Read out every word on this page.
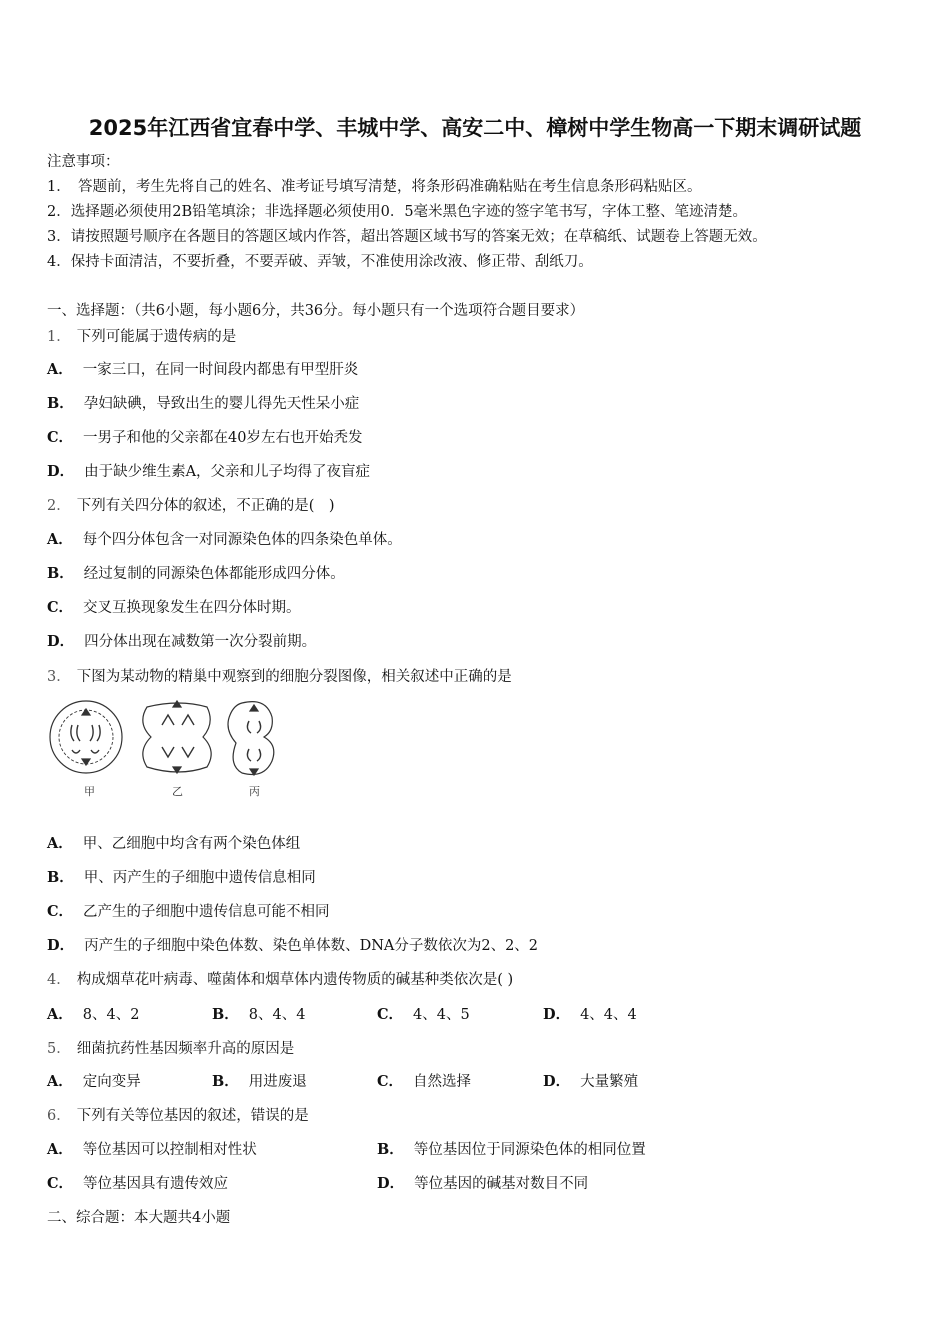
2025年江西省宜春中学、丰城中学、高安二中、樟树中学生物高一下期末调研试题
注意事项：
1．　答题前，考生先将自己的姓名、准考证号填写清楚，将条形码准确粘贴在考生信息条形码粘贴区。
2．选择题必须使用2B铅笔填涂；非选择题必须使用0．5毫米黑色字迹的签字笔书写，字体工整、笔迹清楚。
3．请按照题号顺序在各题目的答题区域内作答，超出答题区域书写的答案无效；在草稿纸、试题卷上答题无效。
4．保持卡面清洁，不要折叠，不要弄破、弄皱，不准使用涂改液、修正带、刮纸刀。
一、选择题：（共6小题，每小题6分，共36分。每小题只有一个选项符合题目要求）
1． 下列可能属于遗传病的是
A． 一家三口，在同一时间段内都患有甲型肝炎
B． 孕妇缺碘，导致出生的婴儿得先天性呆小症
C． 一男子和他的父亲都在40岁左右也开始秃发
D． 由于缺少维生素A，父亲和儿子均得了夜盲症
2． 下列有关四分体的叙述，不正确的是(　)
A． 每个四分体包含一对同源染色体的四条染色单体。
B． 经过复制的同源染色体都能形成四分体。
C． 交叉互换现象发生在四分体时期。
D． 四分体出现在减数第一次分裂前期。
3． 下图为某动物的精巢中观察到的细胞分裂图像，相关叙述中正确的是
甲	乙	丙
A． 甲、乙细胞中均含有两个染色体组
B． 甲、丙产生的子细胞中遗传信息相同
C． 乙产生的子细胞中遗传信息可能不相同
D． 丙产生的子细胞中染色体数、染色单体数、DNA分子数依次为2、2、2
4． 构成烟草花叶病毒、噬菌体和烟草体内遗传物质的碱基种类依次是( )
A． 8、4、2	B． 8、4、4	C． 4、4、5	D． 4、4、4
5． 细菌抗药性基因频率升高的原因是
A． 定向变异	B． 用进废退	C． 自然选择	D． 大量繁殖
6． 下列有关等位基因的叙述，错误的是
A． 等位基因可以控制相对性状	B． 等位基因位于同源染色体的相同位置
C． 等位基因具有遗传效应	D． 等位基因的碱基对数目不同
二、综合题：本大题共4小题
